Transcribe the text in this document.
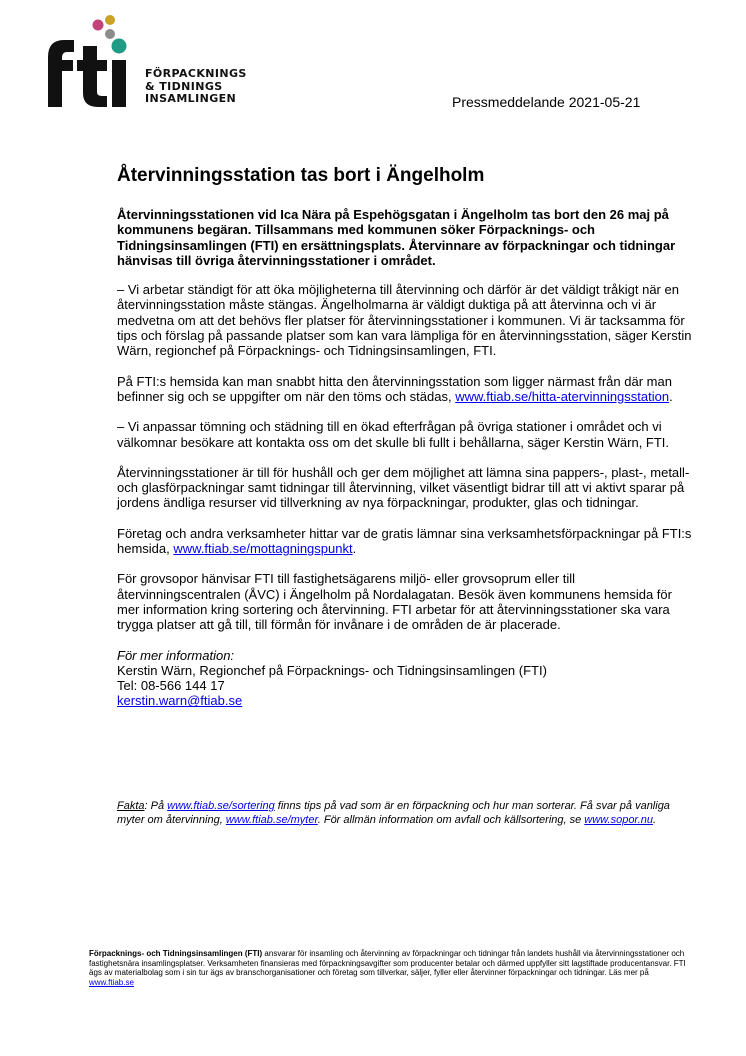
FÖRPACKNINGS
& TIDNINGS
INSAMLINGEN	Pressmeddelande 2021-05-21
Återvinningsstation tas bort i Ängelholm
Återvinningsstationen vid Ica Nära på Espehögsgatan i Ängelholm tas bort den 26 maj på kommunens begäran. Tillsammans med kommunen söker Förpacknings- och Tidningsinsamlingen (FTI) en ersättningsplats. Återvinnare av förpackningar och tidningar hänvisas till övriga återvinningsstationer i området.

– Vi arbetar ständigt för att öka möjligheterna till återvinning och därför är det väldigt tråkigt när en återvinningsstation måste stängas. Ängelholmarna är väldigt duktiga på att återvinna och vi är medvetna om att det behövs fler platser för återvinningsstationer i kommunen. Vi är tacksamma för tips och förslag på passande platser som kan vara lämpliga för en återvinningsstation, säger Kerstin Wärn, regionchef på Förpacknings- och Tidningsinsamlingen, FTI.

På FTI:s hemsida kan man snabbt hitta den återvinningsstation som ligger närmast från där man befinner sig och se uppgifter om när den töms och städas, www.ftiab.se/hitta-atervinningsstation.

– Vi anpassar tömning och städning till en ökad efterfrågan på övriga stationer i området och vi välkomnar besökare att kontakta oss om det skulle bli fullt i behållarna, säger Kerstin Wärn, FTI.

Återvinningsstationer är till för hushåll och ger dem möjlighet att lämna sina pappers-, plast-, metall- och glasförpackningar samt tidningar till återvinning, vilket väsentligt bidrar till att vi aktivt sparar på jordens ändliga resurser vid tillverkning av nya förpackningar, produkter, glas och tidningar.

Företag och andra verksamheter hittar var de gratis lämnar sina verksamhetsförpackningar på FTI:s hemsida, www.ftiab.se/mottagningspunkt.

För grovsopor hänvisar FTI till fastighetsägarens miljö- eller grovsoprum eller till återvinningscentralen (ÅVC) i Ängelholm på Nordalagatan. Besök även kommunens hemsida för mer information kring sortering och återvinning. FTI arbetar för att återvinningsstationer ska vara trygga platser att gå till, till förmån för invånare i de områden de är placerade.

För mer information:
Kerstin Wärn, Regionchef på Förpacknings- och Tidningsinsamlingen (FTI)
Tel: 08-566 144 17
kerstin.warn@ftiab.se
Fakta: På www.ftiab.se/sortering finns tips på vad som är en förpackning och hur man sorterar. Få svar på vanliga myter om återvinning, www.ftiab.se/myter. För allmän information om avfall och källsortering, se www.sopor.nu.
Förpacknings- och Tidningsinsamlingen (FTI) ansvarar för insamling och återvinning av förpackningar och tidningar från landets hushåll via återvinningsstationer och fastighetsnära insamlingsplatser. Verksamheten finansieras med förpackningsavgifter som producenter betalar och därmed uppfyller sitt lagstiftade producentansvar. FTI ägs av materialbolag som i sin tur ägs av branschorganisationer och företag som tillverkar, säljer, fyller eller återvinner förpackningar och tidningar. Läs mer på www.ftiab.se
